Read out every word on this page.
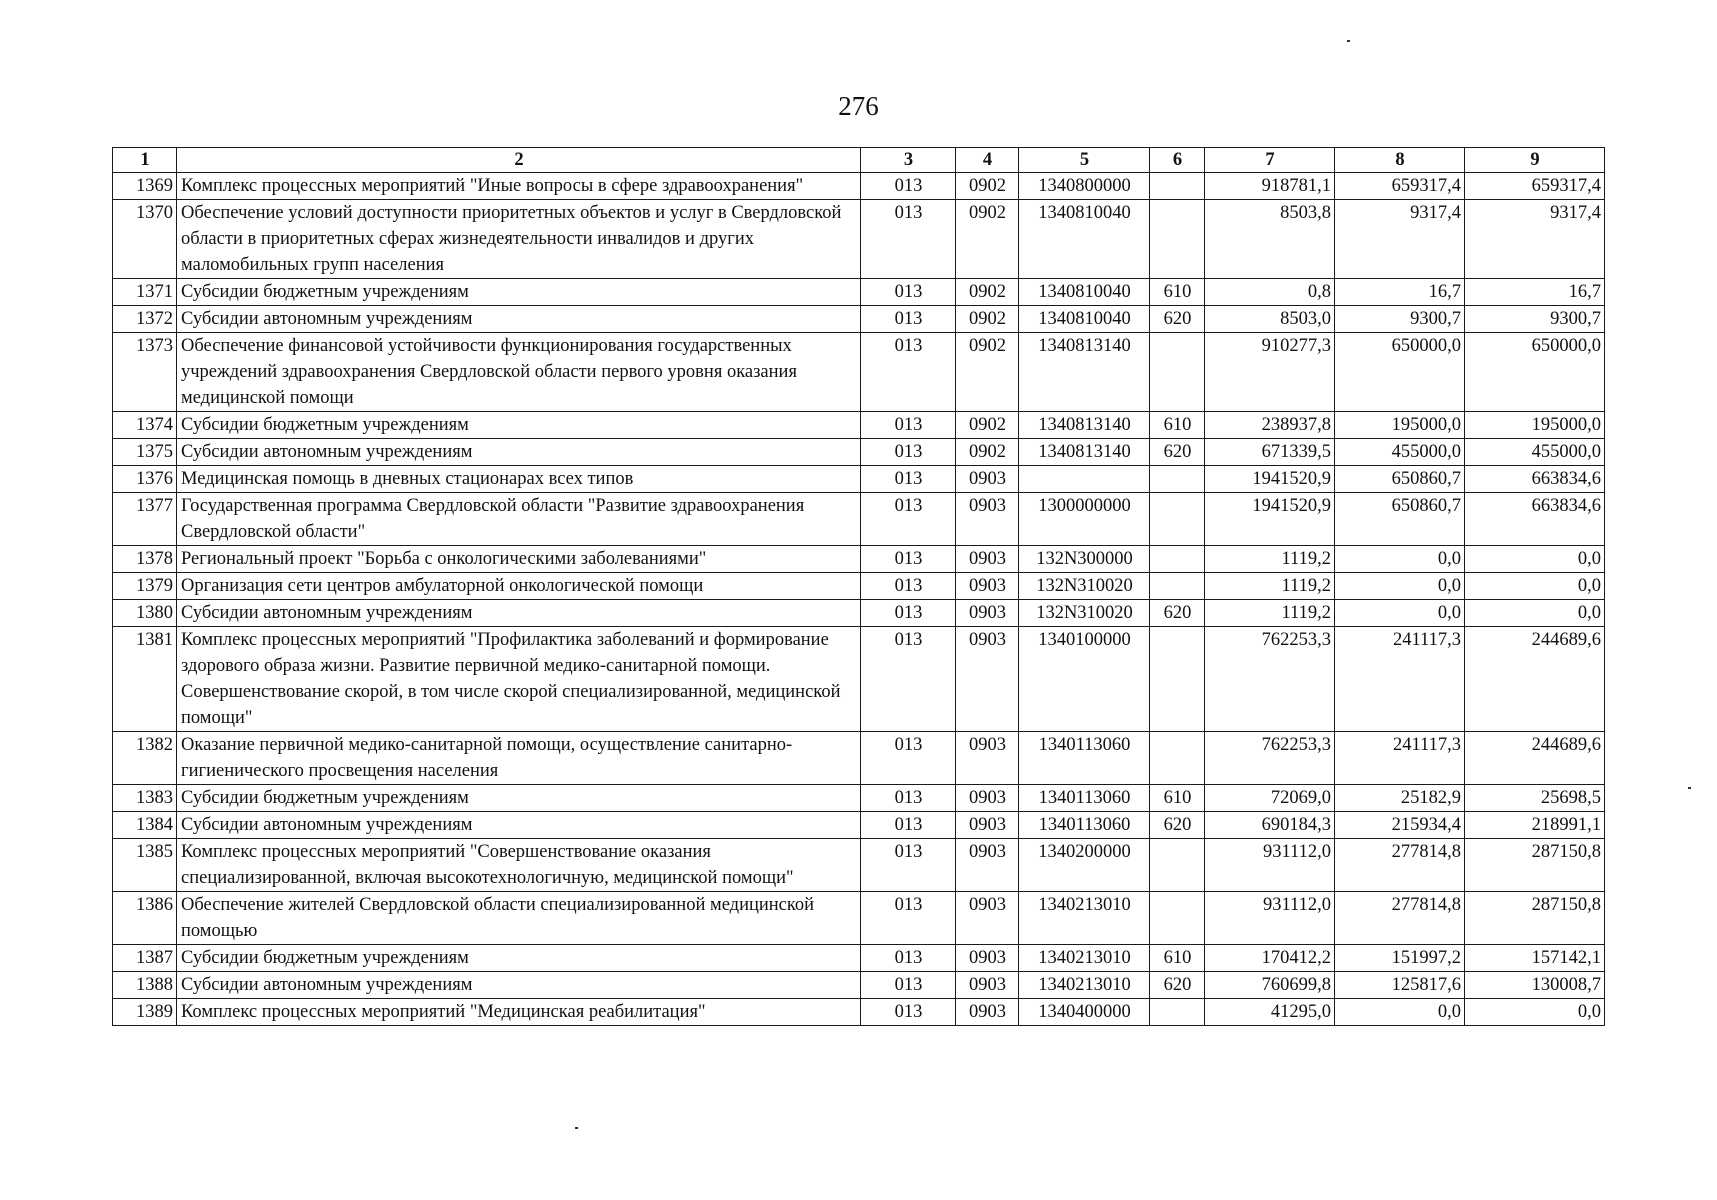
276
1	2	3	4	5	6	7	8	9
1369	Комплекс процессных мероприятий "Иные вопросы в сфере здравоохранения"	013	0902	1340800000		918781,1	659317,4	659317,4
1370	Обеспечение условий доступности приоритетных объектов и услуг в Свердловской области в приоритетных сферах жизнедеятельности инвалидов и других маломобильных групп населения	013	0902	1340810040		8503,8	9317,4	9317,4
1371	Субсидии бюджетным учреждениям	013	0902	1340810040	610	0,8	16,7	16,7
1372	Субсидии автономным учреждениям	013	0902	1340810040	620	8503,0	9300,7	9300,7
1373	Обеспечение финансовой устойчивости функционирования государственных учреждений здравоохранения Свердловской области первого уровня оказания медицинской помощи	013	0902	1340813140		910277,3	650000,0	650000,0
1374	Субсидии бюджетным учреждениям	013	0902	1340813140	610	238937,8	195000,0	195000,0
1375	Субсидии автономным учреждениям	013	0902	1340813140	620	671339,5	455000,0	455000,0
1376	Медицинская помощь в дневных стационарах всех типов	013	0903			1941520,9	650860,7	663834,6
1377	Государственная программа Свердловской области "Развитие здравоохранения Свердловской области"	013	0903	1300000000		1941520,9	650860,7	663834,6
1378	Региональный проект "Борьба с онкологическими заболеваниями"	013	0903	132N300000		1119,2	0,0	0,0
1379	Организация сети центров амбулаторной онкологической помощи	013	0903	132N310020		1119,2	0,0	0,0
1380	Субсидии автономным учреждениям	013	0903	132N310020	620	1119,2	0,0	0,0
1381	Комплекс процессных мероприятий "Профилактика заболеваний и формирование здорового образа жизни. Развитие первичной медико-санитарной помощи. Совершенствование скорой, в том числе скорой специализированной, медицинской помощи"	013	0903	1340100000		762253,3	241117,3	244689,6
1382	Оказание первичной медико-санитарной помощи, осуществление санитарно-гигиенического просвещения населения	013	0903	1340113060		762253,3	241117,3	244689,6
1383	Субсидии бюджетным учреждениям	013	0903	1340113060	610	72069,0	25182,9	25698,5
1384	Субсидии автономным учреждениям	013	0903	1340113060	620	690184,3	215934,4	218991,1
1385	Комплекс процессных мероприятий "Совершенствование оказания специализированной, включая высокотехнологичную, медицинской помощи"	013	0903	1340200000		931112,0	277814,8	287150,8
1386	Обеспечение жителей Свердловской области специализированной медицинской помощью	013	0903	1340213010		931112,0	277814,8	287150,8
1387	Субсидии бюджетным учреждениям	013	0903	1340213010	610	170412,2	151997,2	157142,1
1388	Субсидии автономным учреждениям	013	0903	1340213010	620	760699,8	125817,6	130008,7
1389	Комплекс процессных мероприятий "Медицинская реабилитация"	013	0903	1340400000		41295,0	0,0	0,0
